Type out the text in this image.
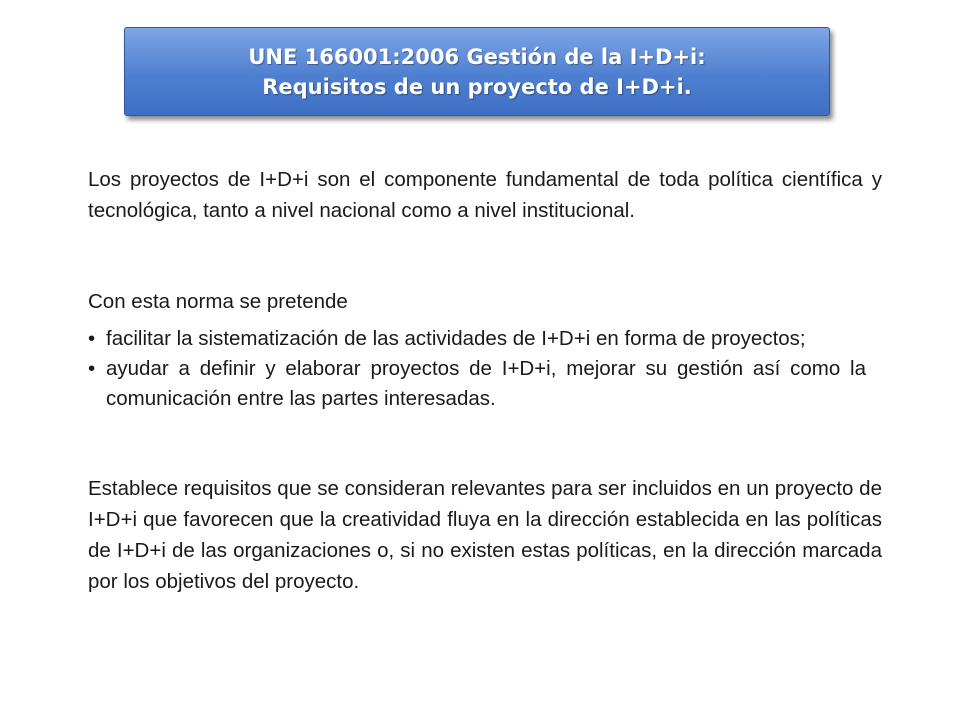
UNE 166001:2006 Gestión de la I+D+i:
Requisitos de un proyecto de I+D+i.

Los proyectos de I+D+i son el componente fundamental de toda política científica y tecnológica, tanto a nivel nacional como a nivel institucional.

Con esta norma se pretende

• facilitar la sistematización de las actividades de I+D+i en forma de proyectos;
• ayudar a definir y elaborar proyectos de I+D+i, mejorar su gestión así como la comunicación entre las partes interesadas.

Establece requisitos que se consideran relevantes para ser incluidos en un proyecto de I+D+i que favorecen que la creatividad fluya en la dirección establecida en las políticas de I+D+i de las organizaciones o, si no existen estas políticas, en la dirección marcada por los objetivos del proyecto.
